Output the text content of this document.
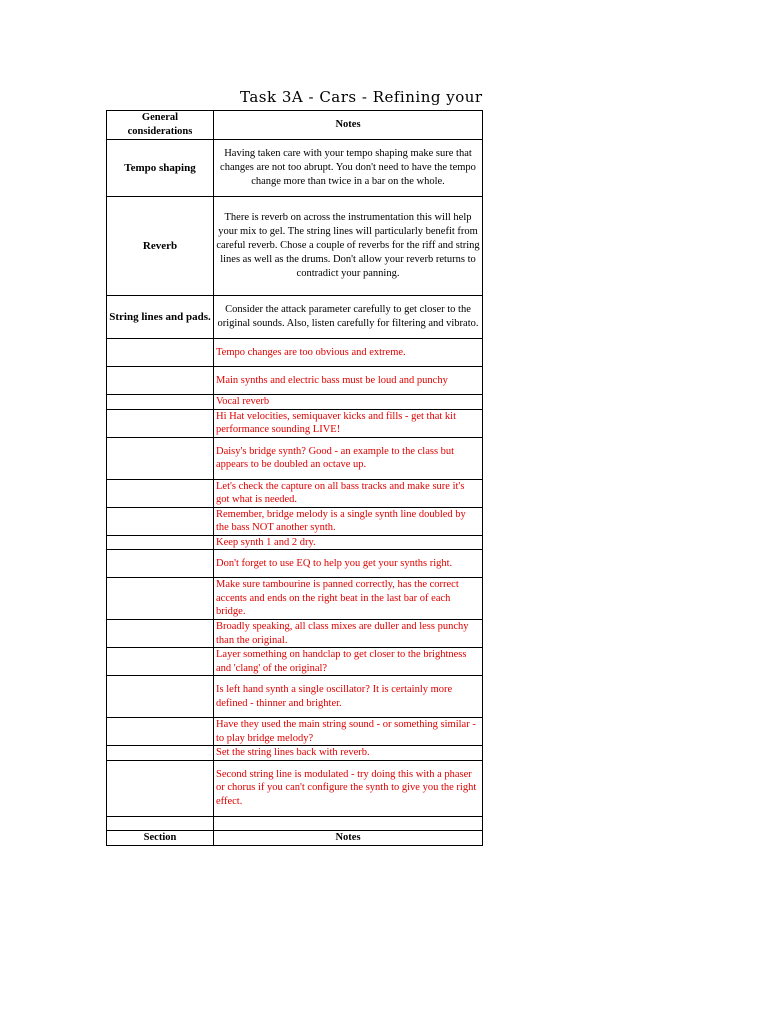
Task 3A - Cars - Refining your
General considerations	Notes
Tempo shaping	Having taken care with your tempo shaping make sure that changes are not too abrupt. You don't need to have the tempo change more than twice in a bar on the whole.
Reverb	There is reverb on across the instrumentation this will help your mix to gel. The string lines will particularly benefit from careful reverb. Chose a couple of reverbs for the riff and string lines as well as the drums. Don't allow your reverb returns to contradict your panning.
String lines and pads.	Consider the attack parameter carefully to get closer to the original sounds. Also, listen carefully for filtering and vibrato.
	Tempo changes are too obvious and extreme.
	Main synths and electric bass must be loud and punchy
	Vocal reverb
	Hi Hat velocities, semiquaver kicks and fills - get that kit performance sounding LIVE!
	Daisy's bridge synth? Good - an example to the class but appears to be doubled an octave up.
	Let's check the capture on all bass tracks and make sure it's got what is needed.
	Remember, bridge melody is a single synth line doubled by the bass NOT another synth.
	Keep synth 1 and 2 dry.
	Don't forget to use EQ to help you get your synths right.
	Make sure tambourine is panned correctly, has the correct accents and ends on the right beat in the last bar of each bridge.
	Broadly speaking, all class mixes are duller and less punchy than the original.
	Layer something on handclap to get closer to the brightness and 'clang' of the original?
	Is left hand synth a single oscillator? It is certainly more defined - thinner and brighter.
	Have they used the main string sound - or something similar - to play bridge melody?
	Set the string lines back with reverb.
	Second string line is modulated - try doing this with a phaser or chorus if you can't configure the synth to give you the right effect.

Section	Notes
